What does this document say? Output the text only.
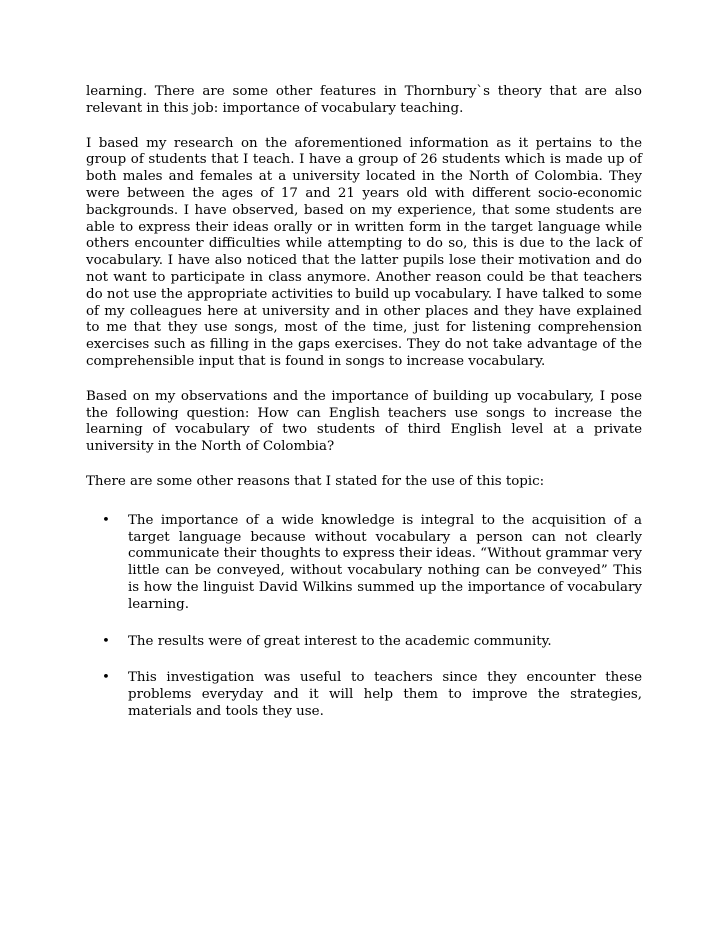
learning. There are some other features in Thornbury`s theory that are also relevant in this job: importance of vocabulary teaching.

I based my research on the aforementioned information as it pertains to the group of students that I teach. I have a group of 26 students which is made up of both males and females at a university located in the North of Colombia. They were between the ages of 17 and 21 years old with different socio-economic backgrounds. I have observed, based on my experience, that some students are able to express their ideas orally or in written form in the target language while others encounter difficulties while attempting to do so, this is due to the lack of vocabulary. I have also noticed that the latter pupils lose their motivation and do not want to participate in class anymore. Another reason could be that teachers do not use the appropriate activities to build up vocabulary. I have talked to some of my colleagues here at university and in other places and they have explained to me that they use songs, most of the time, just for listening comprehension exercises such as filling in the gaps exercises. They do not take advantage of the comprehensible input that is found in songs to increase vocabulary.

Based on my observations and the importance of building up vocabulary, I pose the following question: How can English teachers use songs to increase the learning of vocabulary of two students of third English level at a private university in the North of Colombia?

There are some other reasons that I stated for the use of this topic:

• The importance of a wide knowledge is integral to the acquisition of a target language because without vocabulary a person can not clearly communicate their thoughts to express their ideas. “Without grammar very little can be conveyed, without vocabulary nothing can be conveyed” This is how the linguist David Wilkins summed up the importance of vocabulary learning.

• The results were of great interest to the academic community.

• This investigation was useful to teachers since they encounter these problems everyday and it will help them to improve the strategies, materials and tools they use.
